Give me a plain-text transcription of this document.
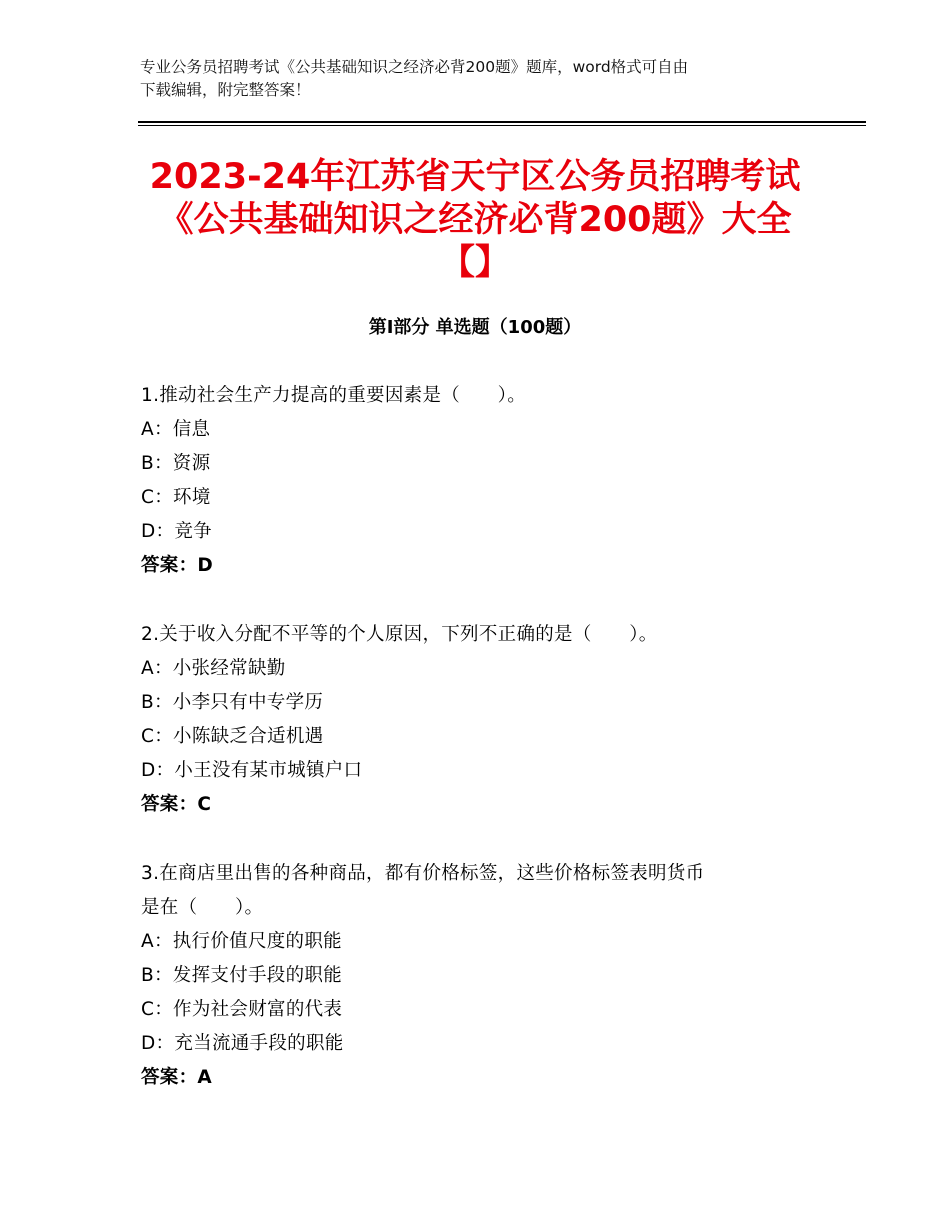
专业公务员招聘考试《公共基础知识之经济必背200题》题库，word格式可自由
下载编辑，附完整答案！
2023-24年江苏省天宁区公务员招聘考试
《公共基础知识之经济必背200题》大全
【】
第Ⅰ部分 单选题（100题）
1.推动社会生产力提高的重要因素是（　　）。
A：信息
B：资源
C：环境
D：竞争
答案：D
2.关于收入分配不平等的个人原因，下列不正确的是（　　）。
A：小张经常缺勤
B：小李只有中专学历
C：小陈缺乏合适机遇
D：小王没有某市城镇户口
答案：C
3.在商店里出售的各种商品，都有价格标签，这些价格标签表明货币
是在（　　）。
A：执行价值尺度的职能
B：发挥支付手段的职能
C：作为社会财富的代表
D：充当流通手段的职能
答案：A
